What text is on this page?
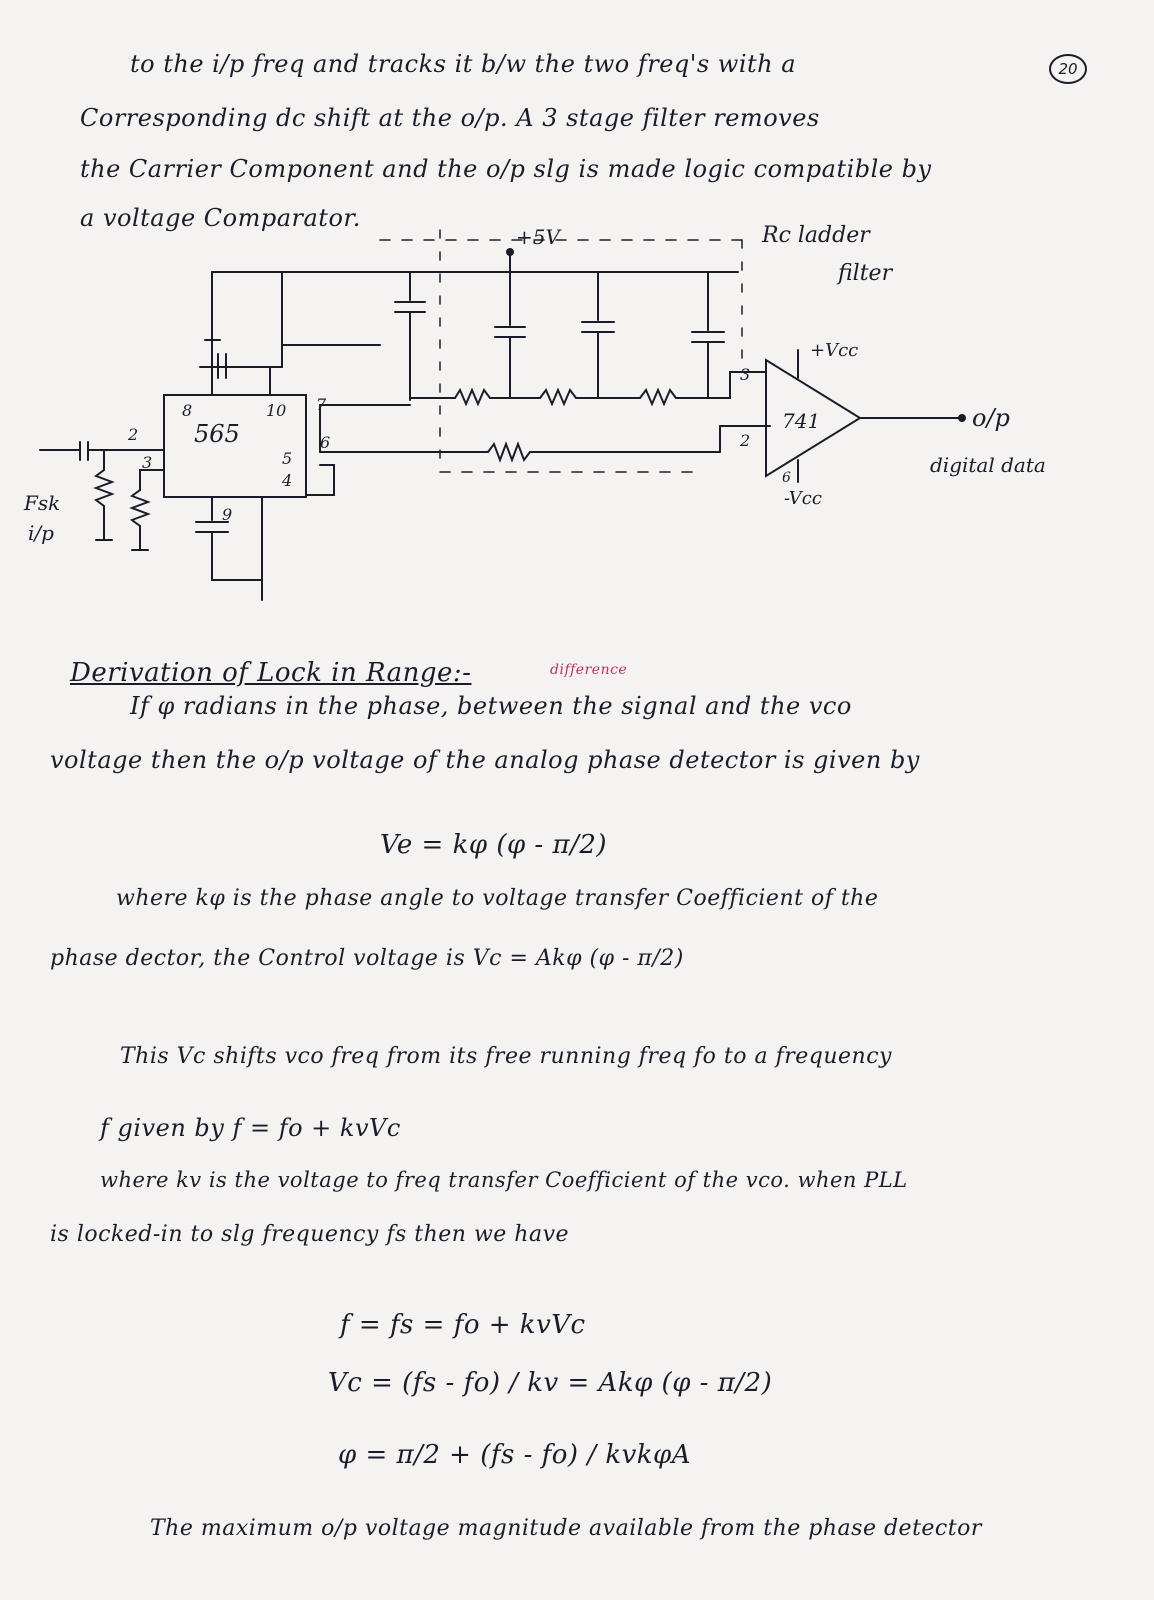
20
to the i/p freq and tracks it b/w the two freq's with a
Corresponding dc shift at the o/p. A 3 stage filter removes
the Carrier Component and the o/p slg is made logic compatible by
a voltage Comparator.
+5V	Rc ladder
filter
565	741
+Vcc
-Vcc
2
3
8	10 7
6
5
4
9
3
2
6
Fsk
i/p
o/p
digital data
Derivation of Lock in Range:-	difference
If φ radians in the phase, between the signal and the vco
voltage then the o/p voltage of the analog phase detector is given by
Ve = kφ (φ - π/2)
where kφ is the phase angle to voltage transfer Coefficient of the
phase dector, the Control voltage is Vc = Akφ (φ - π/2)
This Vc shifts vco freq from its free running freq fo to a frequency
f given by f = fo + kvVc
where kv is the voltage to freq transfer Coefficient of the vco. when PLL
is locked-in to slg frequency fs then we have
f = fs = fo + kvVc
Vc = (fs - fo) / kv = Akφ (φ - π/2)
φ = π/2 + (fs - fo) / kvkφA
The maximum o/p voltage magnitude available from the phase detector
